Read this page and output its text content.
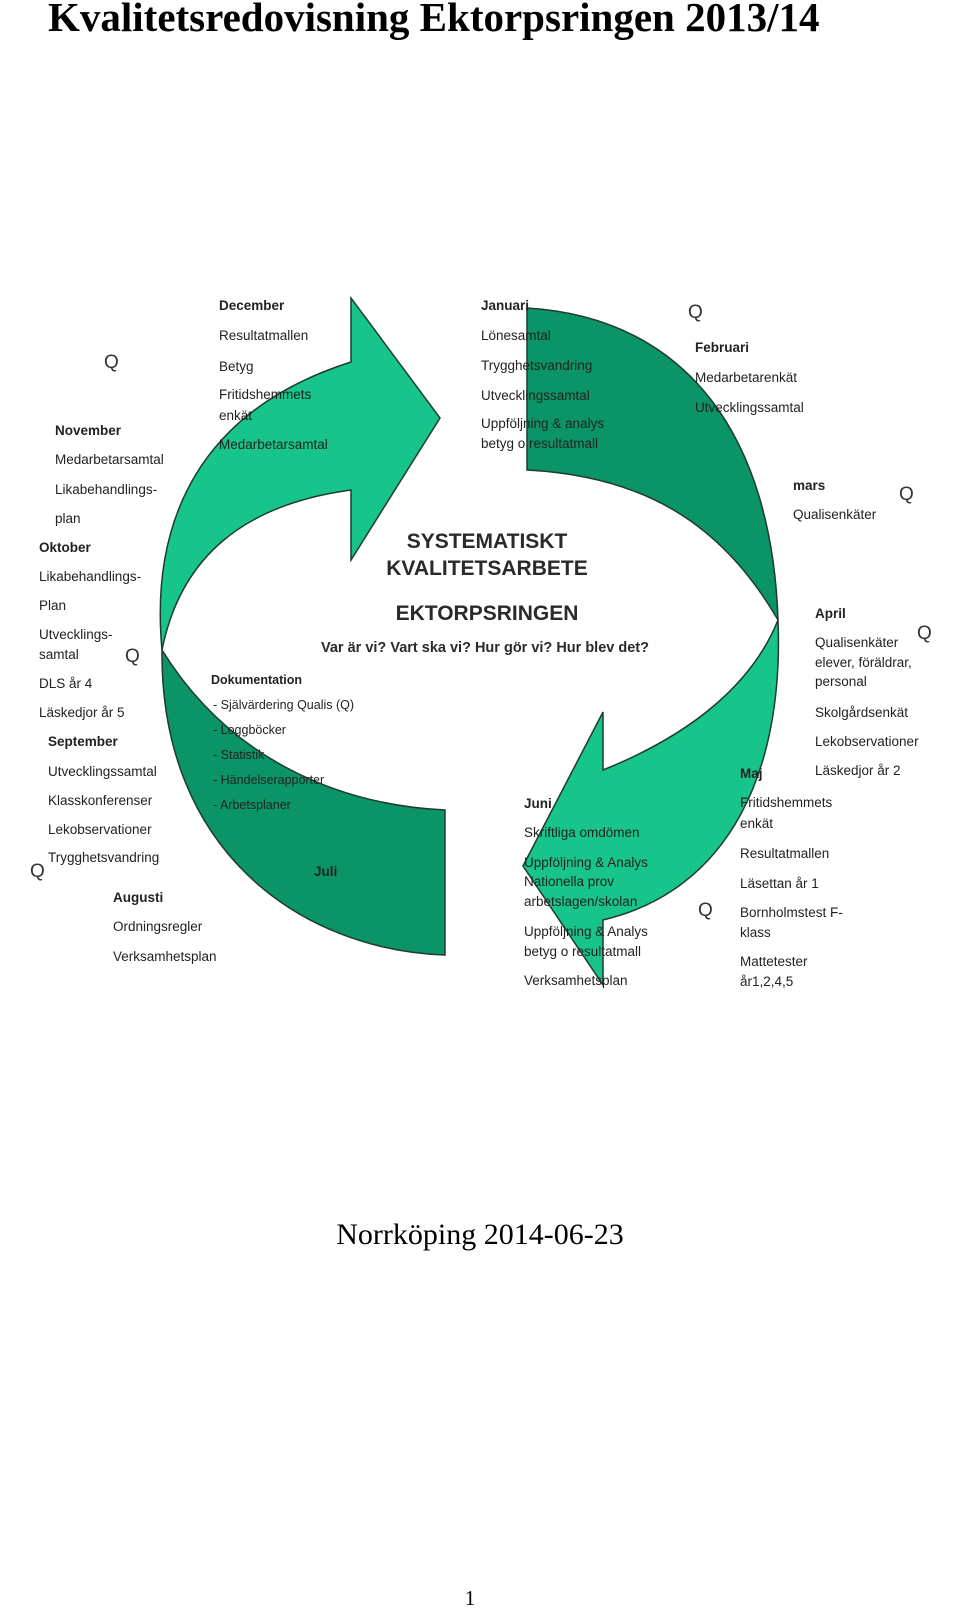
Kvalitetsredovisning Ektorpsringen 2013/14
SYSTEMATISKT
KVALITETSARBETE
EKTORPSRINGEN
Var är vi? Vart ska vi? Hur gör vi? Hur blev det?
Q
Q
Q
Q
Q
Q
Q
December
Resultatmallen
Betyg
Fritidshemmets
enkät
Medarbetarsamtal
Januari
Lönesamtal
Trygghetsvandring
Utvecklingssamtal
Uppföljning & analys
betyg o resultatmall
Februari
Medarbetarenkät
Utvecklingssamtal
mars
Qualisenkäter
April
Qualisenkäter
elever, föräldrar,
personal
Skolgårdsenkät
Lekobservationer
Läskedjor år 2
Maj
Fritidshemmets
enkät
Resultatmallen
Läsettan år 1
Bornholmstest F-
klass
Mattetester
år1,2,4,5
Juni
Skriftliga omdömen
Uppföljning & Analys
Nationella prov
arbetslagen/skolan
Uppföljning & Analys
betyg o resultatmall
Verksamhetsplan
Juli
Augusti
Ordningsregler
Verksamhetsplan
September
Utvecklingssamtal
Klasskonferenser
Lekobservationer
Trygghetsvandring
Oktober
Likabehandlings-
Plan
Utvecklings-
samtal
DLS år 4
Läskedjor år 5
November
Medarbetarsamtal
Likabehandlings-
plan
Dokumentation
- Självärdering Qualis (Q)
- Loggböcker
- Statistik
- Händelserapporter
- Arbetsplaner
Norrköping 2014-06-23
1
